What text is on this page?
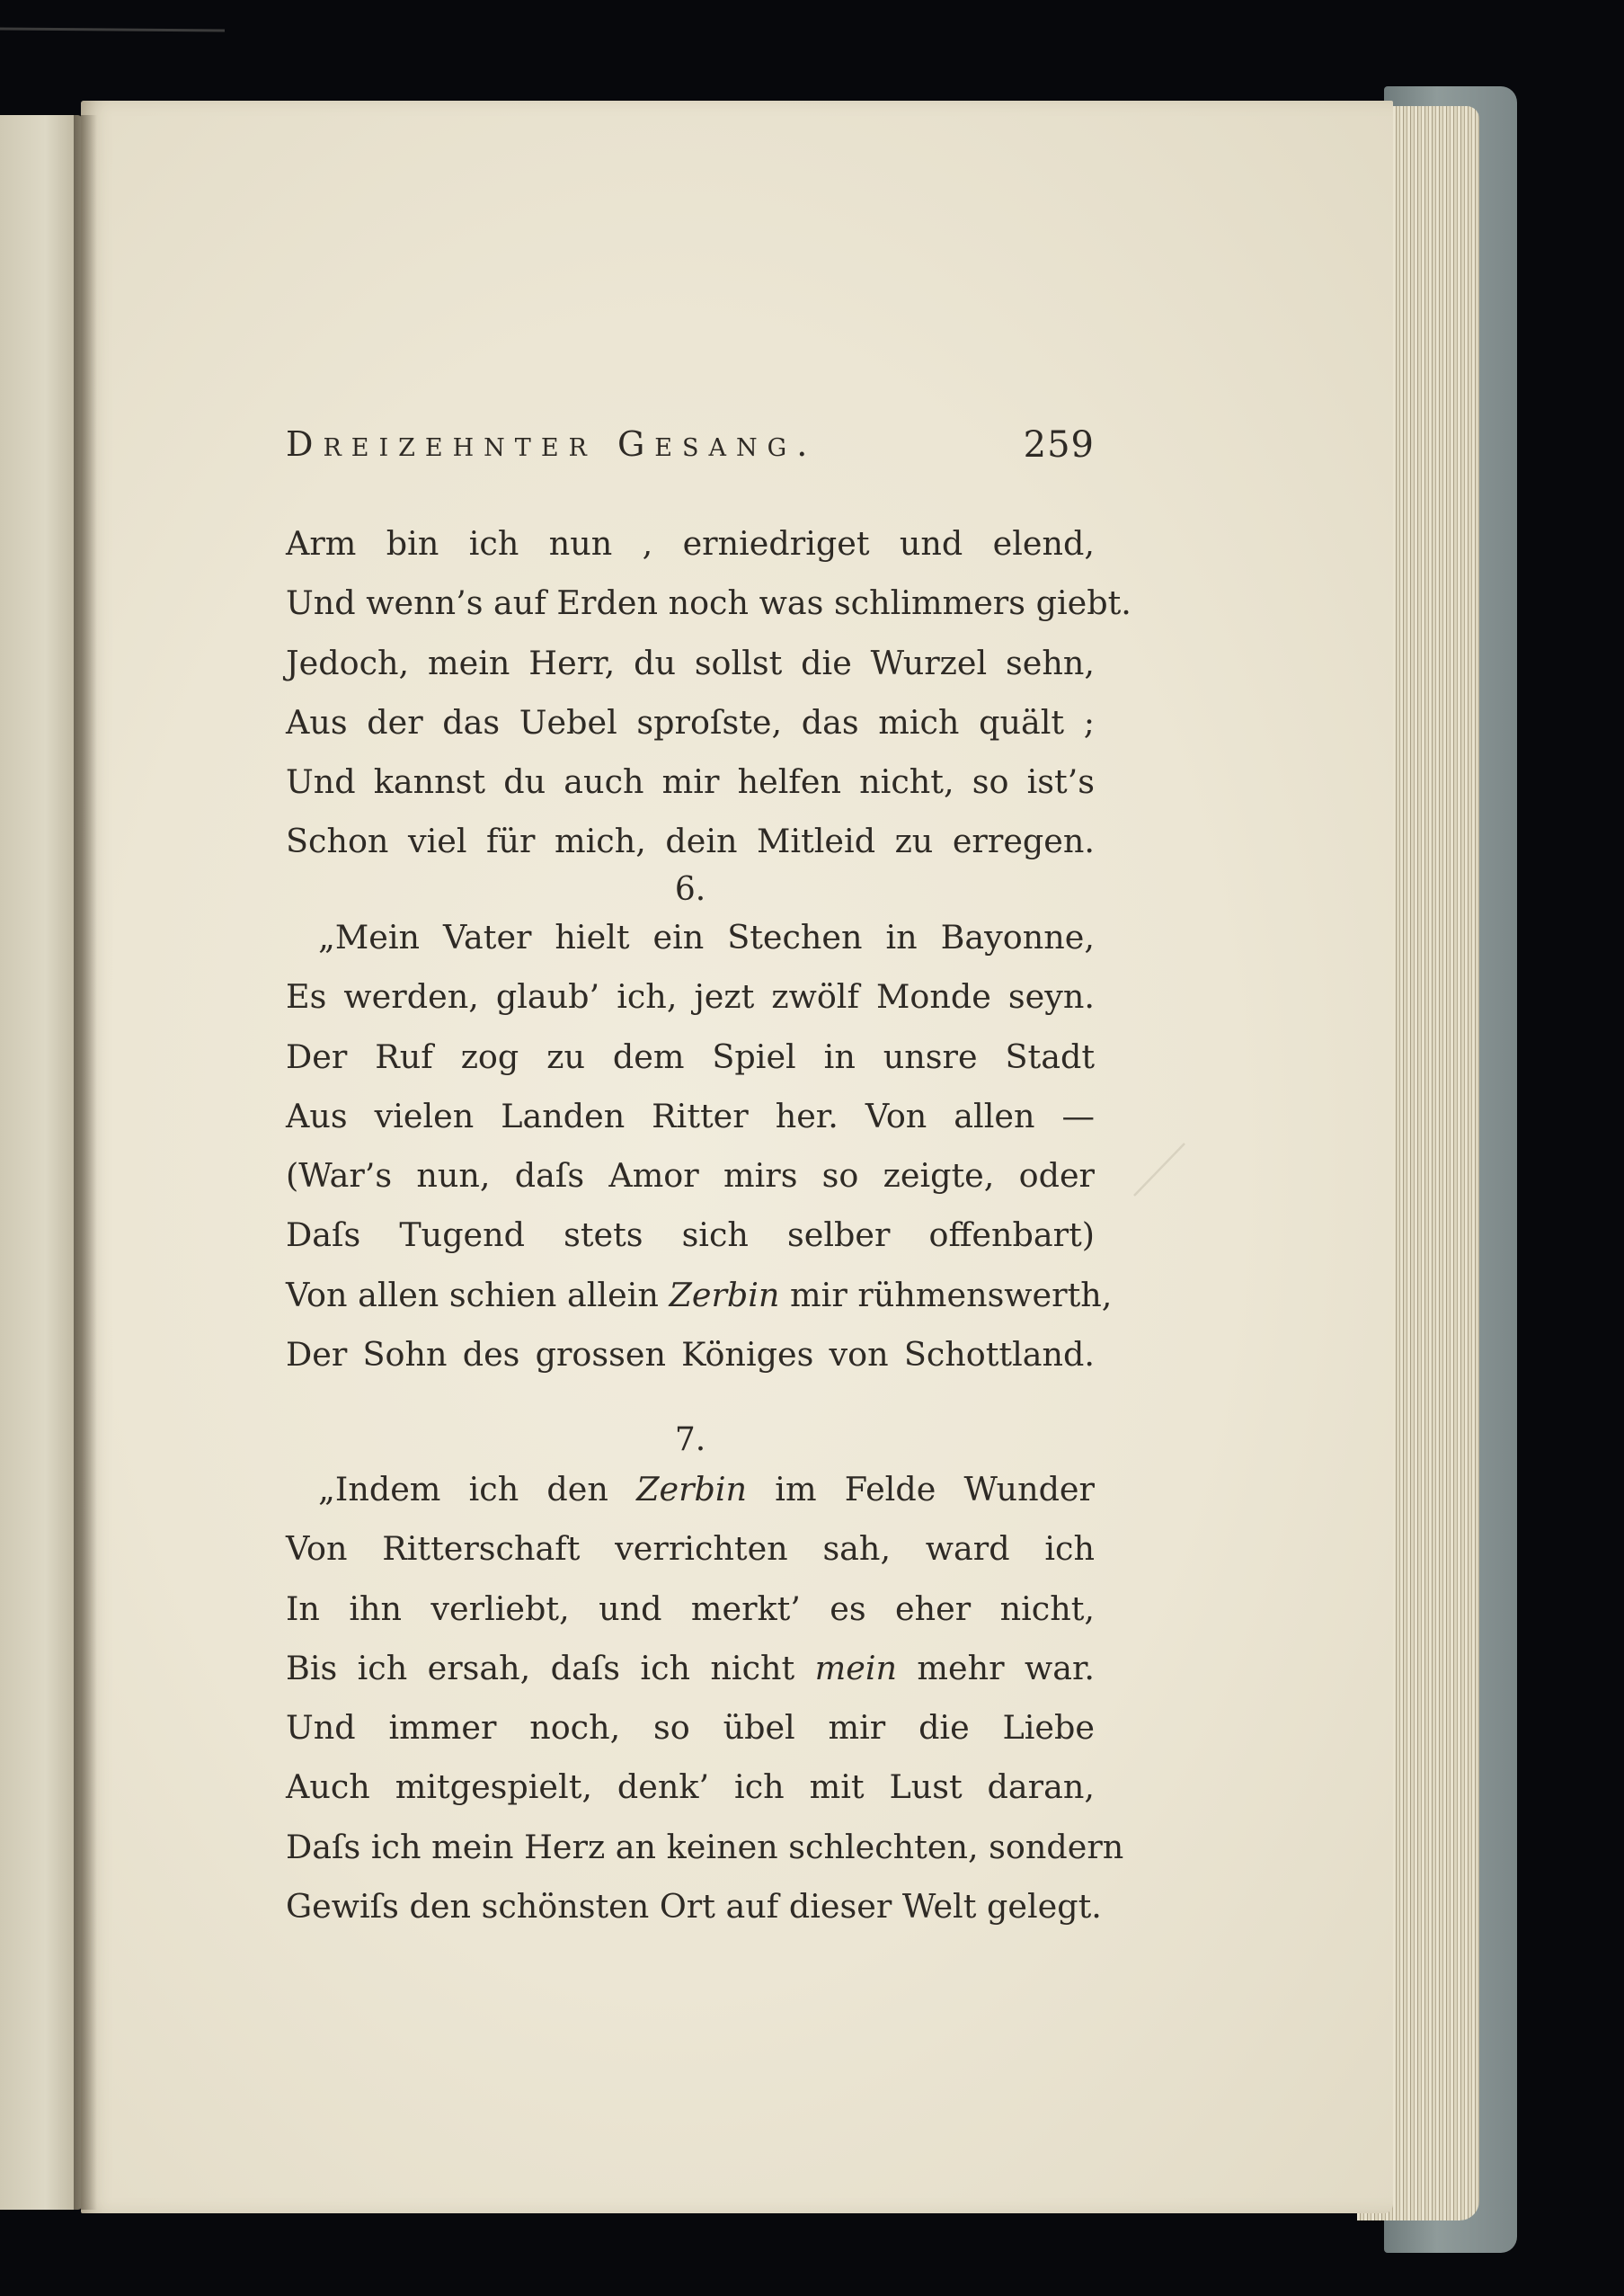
Dreizehnter Gesang.	259
Arm bin ich nun , erniedriget und elend,
Und wenn’s auf Erden noch was schlimmers giebt.
Jedoch, mein Herr, du sollst die Wurzel sehn,
Aus der das Uebel sproſste, das mich quält ;
Und kannst du auch mir helfen nicht, so ist’s
Schon viel für mich, dein Mitleid zu erregen.
6.
„Mein Vater hielt ein Stechen in Bayonne,
Es werden, glaub’ ich, jezt zwölf Monde seyn.
Der Ruf zog zu dem Spiel in unsre Stadt
Aus vielen Landen Ritter her. Von allen —
(War’s nun, daſs Amor mirs so zeigte, oder
Daſs Tugend stets sich selber offenbart)
Von allen schien allein Zerbin mir rühmenswerth,
Der Sohn des grossen Königes von Schottland.
7.
„Indem ich den Zerbin im Felde Wunder
Von Ritterschaft verrichten sah, ward ich
In ihn verliebt, und merkt’ es eher nicht,
Bis ich ersah, daſs ich nicht mein mehr war.
Und immer noch, so übel mir die Liebe
Auch mitgespielt, denk’ ich mit Lust daran,
Daſs ich mein Herz an keinen schlechten, sondern
Gewiſs den schönsten Ort auf dieser Welt gelegt.
